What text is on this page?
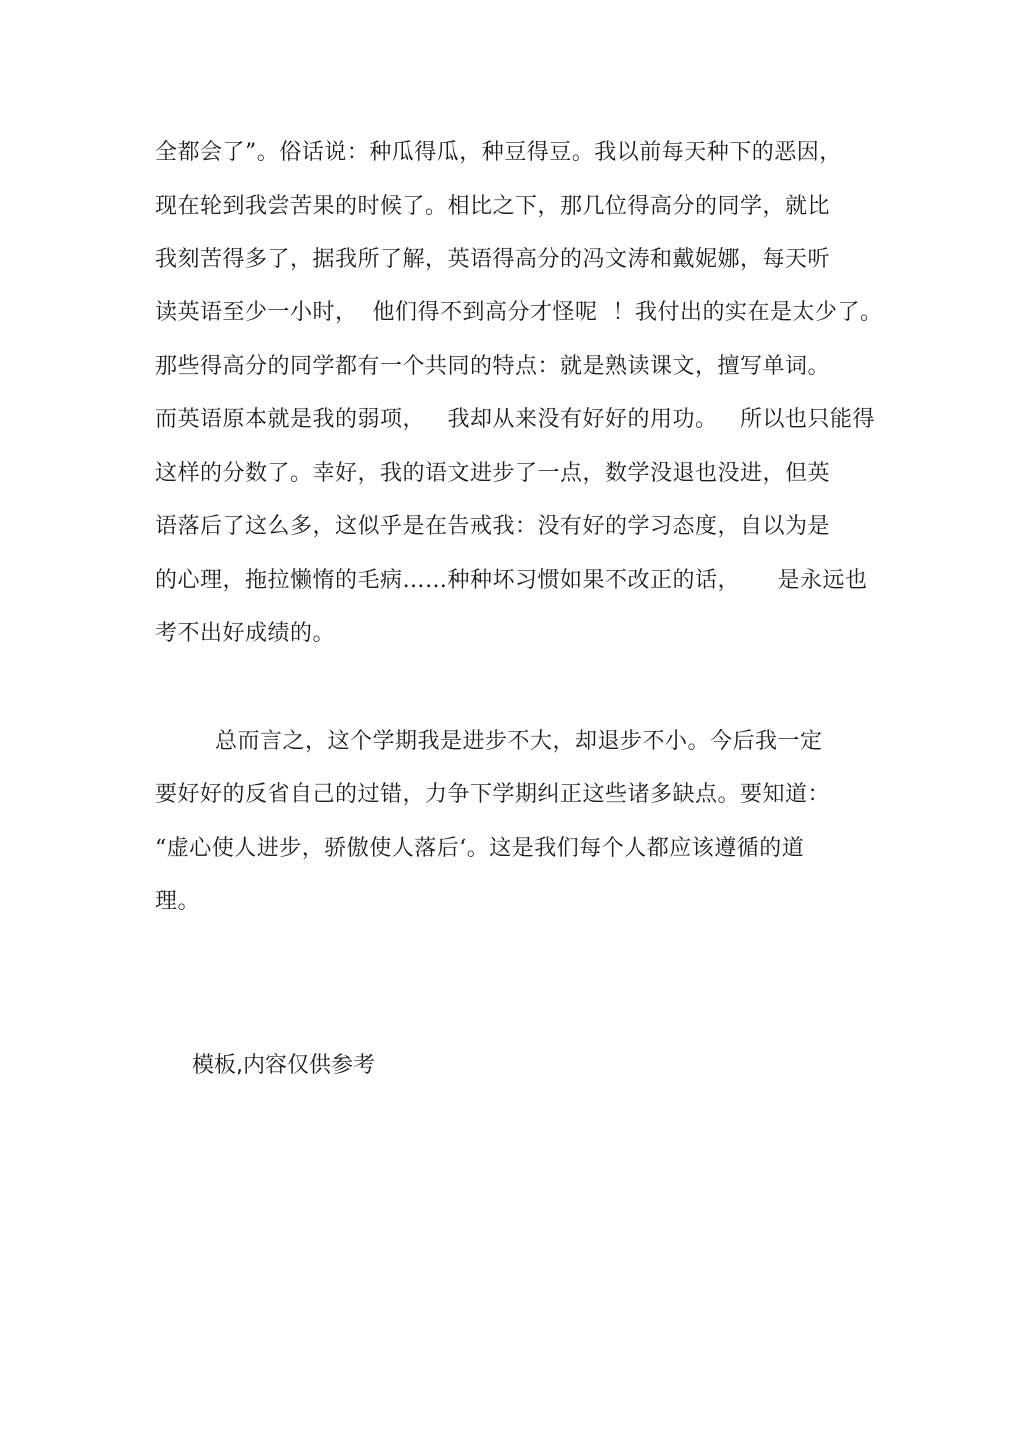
全都会了”。俗话说：种瓜得瓜，种豆得豆。我以前每天种下的恶因，
现在轮到我尝苦果的时候了。相比之下，那几位得高分的同学，就比
我刻苦得多了，据我所了解，英语得高分的冯文涛和戴妮娜，每天听
读英语至少一小时，  他们得不到高分才怪呢  ！我付出的实在是太少了。
那些得高分的同学都有一个共同的特点：就是熟读课文，擅写单词。
而英语原本就是我的弱项，   我却从来没有好好的用功。   所以也只能得
这样的分数了。幸好，我的语文进步了一点，数学没退也没进，但英
语落后了这么多，这似乎是在告戒我：没有好的学习态度，自以为是
的心理，拖拉懒惰的毛病……种种坏习惯如果不改正的话，     是永远也
考不出好成绩的。
总而言之，这个学期我是进步不大，却退步不小。今后我一定
要好好的反省自己的过错，力争下学期纠正这些诸多缺点。要知道：
“虚心使人进步，骄傲使人落后‘。这是我们每个人都应该遵循的道
理。
模板,内容仅供参考
